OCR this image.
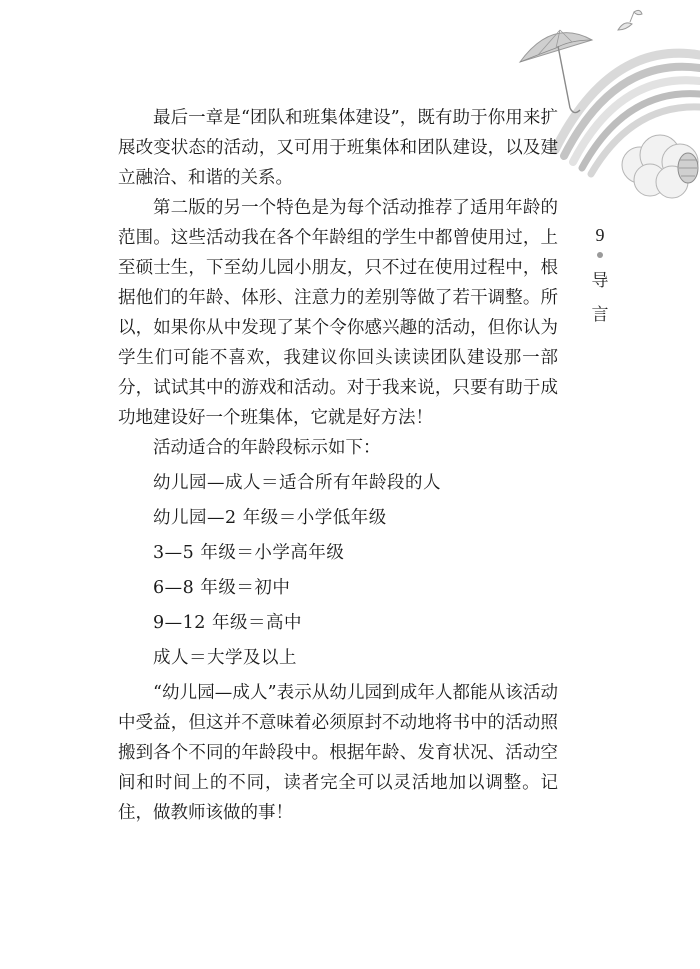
最后一章是“团队和班集体建设”，既有助于你用来扩展改变状态的活动，又可用于班集体和团队建设，以及建立融洽、和谐的关系。

第二版的另一个特色是为每个活动推荐了适用年龄的范围。这些活动我在各个年龄组的学生中都曾使用过，上至硕士生，下至幼儿园小朋友，只不过在使用过程中，根据他们的年龄、体形、注意力的差别等做了若干调整。所以，如果你从中发现了某个令你感兴趣的活动，但你认为学生们可能不喜欢，我建议你回头读读团队建设那一部分，试试其中的游戏和活动。对于我来说，只要有助于成功地建设好一个班集体，它就是好方法！

活动适合的年龄段标示如下：

幼儿园—成人＝适合所有年龄段的人

幼儿园—2 年级＝小学低年级

3—5 年级＝小学高年级

6—8 年级＝初中

9—12 年级＝高中

成人＝大学及以上

“幼儿园—成人”表示从幼儿园到成年人都能从该活动中受益，但这并不意味着必须原封不动地将书中的活动照搬到各个不同的年龄段中。根据年龄、发育状况、活动空间和时间上的不同，读者完全可以灵活地加以调整。记住，做教师该做的事！

9
导
言
